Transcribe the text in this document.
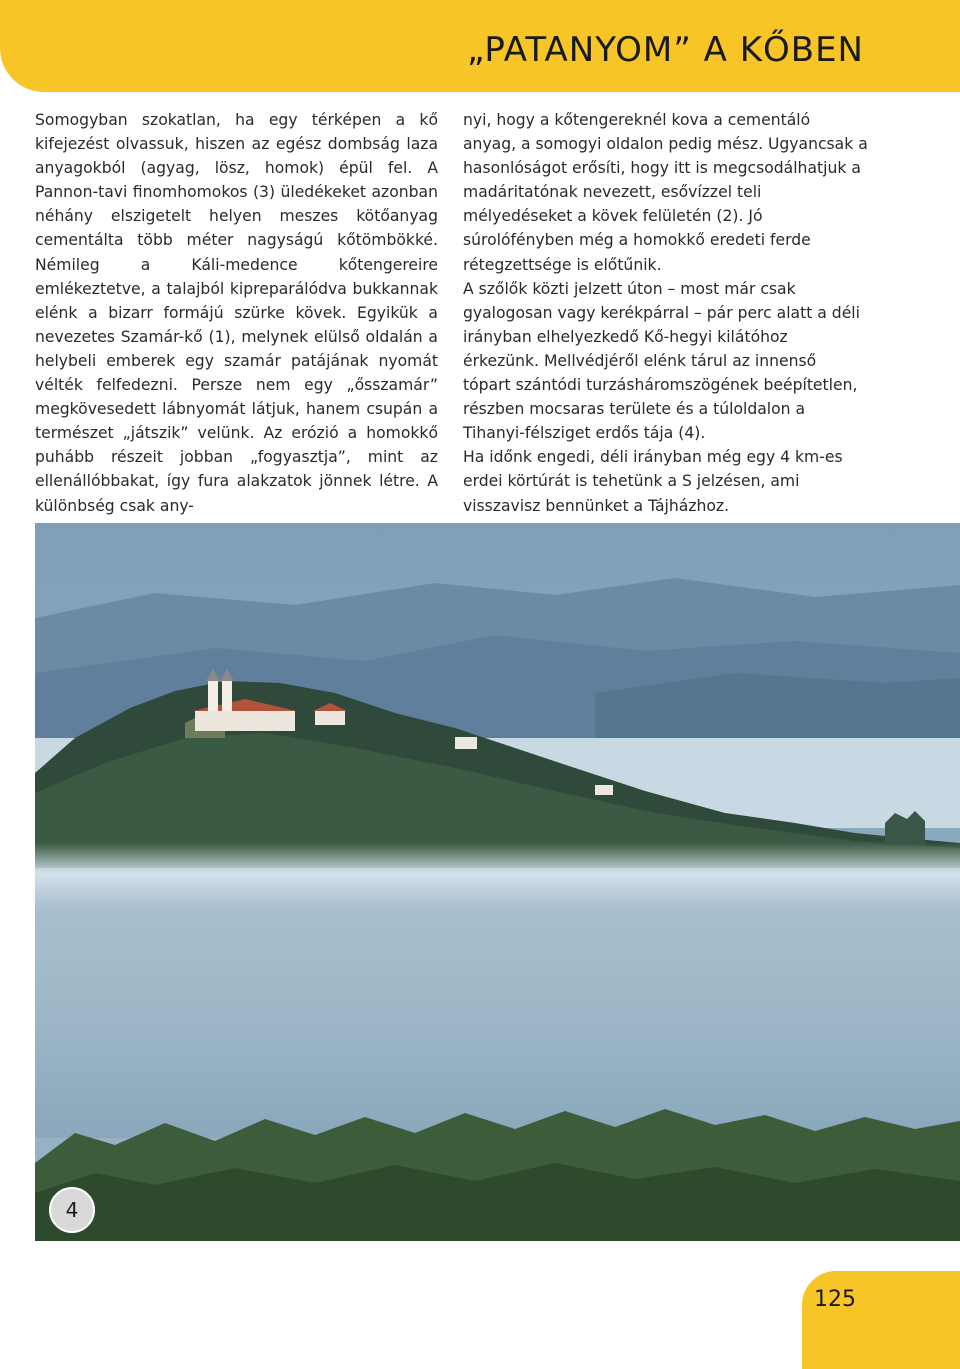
„PATANYOM” A KŐBEN

Somogyban szokatlan, ha egy térképen a kő kifejezést olvassuk, hiszen az egész dombság laza anyagokból (agyag, lösz, homok) épül fel. A Pannon-tavi finomhomokos (3) üledékeket azonban néhány elszigetelt helyen meszes kötőanyag cementálta több méter nagyságú kőtömbökké. Némileg a Káli-medence kőtengereire emlékeztetve, a talajból kipreparálódva bukkannak elénk a bizarr formájú szürke kövek. Egyikük a nevezetes Szamár-kő (1), melynek elülső oldalán a helybeli emberek egy szamár patájának nyomát vélték felfedezni. Persze nem egy „ősszamár” megkövesedett lábnyomát látjuk, hanem csupán a természet „játszik” velünk. Az erózió a homokkő puhább részeit jobban „fogyasztja”, mint az ellenállóbbakat, így fura alakzatok jönnek létre. A különbség csak any-

nyi, hogy a kőtengereknél kova a cementáló anyag, a somogyi oldalon pedig mész. Ugyancsak a hasonlóságot erősíti, hogy itt is megcsodálhatjuk a madáritatónak nevezett, esővízzel teli mélyedéseket a kövek felületén (2). Jó súrolófényben még a homokkő eredeti ferde rétegzettsége is előtűnik.

A szőlők közti jelzett úton – most már csak gyalogosan vagy kerékpárral – pár perc alatt a déli irányban elhelyezkedő Kő-hegyi kilátóhoz érkezünk. Mellvédjéről elénk tárul az innenső tópart szántódi turzásháromszögének beépítetlen, részben mocsaras területe és a túloldalon a Tihanyi-félsziget erdős tája (4).

Ha időnk engedi, déli irányban még egy 4 km-es erdei körtúrát is tehetünk a S jelzésen, ami visszavisz bennünket a Tájházhoz.

4
125
